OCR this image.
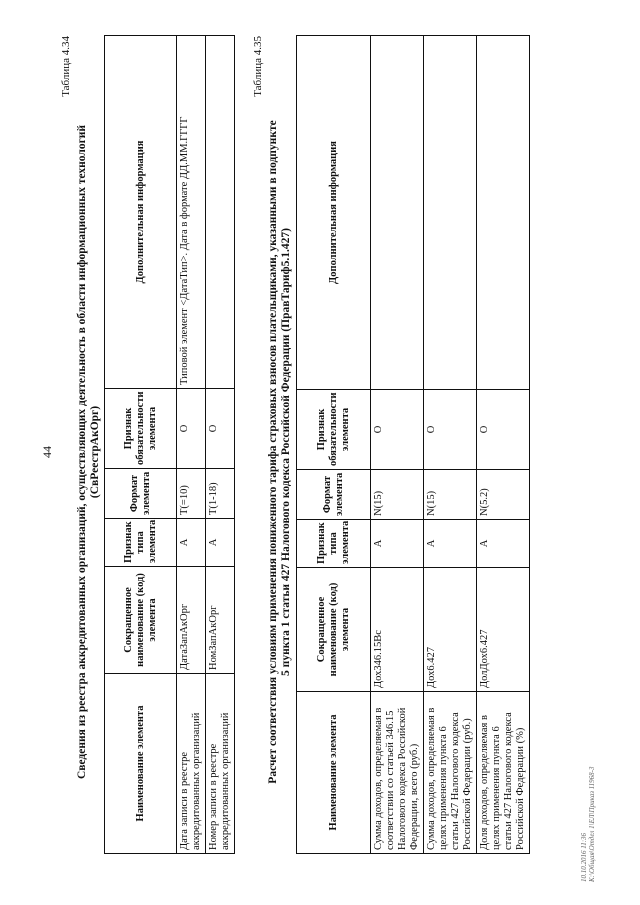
44
Таблица 4.34
Сведения из реестра аккредитованных организаций, осуществляющих деятельность в области информационных технологий (СвРеестрАкОрг)
Наименование элемента	Сокращенное наименование (код) элемента	Признак типа элемента	Формат элемента	Признак обязательности элемента	Дополнительная информация
Дата записи в реестре аккредитованных организаций	ДатаЗапАкОрг	А	T(=10)	О	Типовой элемент <ДатаТип>. Дата в формате ДД.ММ.ГГГГ
Номер записи в реестре аккредитованных организаций	НомЗапАкОрг	А	T(1-18)	О	
Таблица 4.35
Расчет соответствия условиям применения пониженного тарифа страховых взносов плательщиками, указанными в подпункте 5 пункта 1 статьи 427 Налогового кодекса Российской Федерации (ПравТариф5.1.427)
Наименование элемента	Сокращенное наименование (код) элемента	Признак типа элемента	Формат элемента	Признак обязательности элемента	Дополнительная информация
Сумма доходов, определяемая в соответствии со статьей 346.15 Налогового кодекса Российской Федерации, всего (руб.)	Дох346.15Вс	А	N(15)	О	
Сумма доходов, определяемая в целях применения пункта 6 статьи 427 Налогового кодекса Российской Федерации (руб.)	Дох6.427	А	N(15)	О	
Доля доходов, определяемая в целях применения пункта 6 статьи 427 Налогового кодекса Российской Федерации (%)	ДолДох6.427	А	N(5.2)	О	
10.10.2016 11:36 К:\Общая\Отдел 1\ЕЛ\Приказ 11968-3
